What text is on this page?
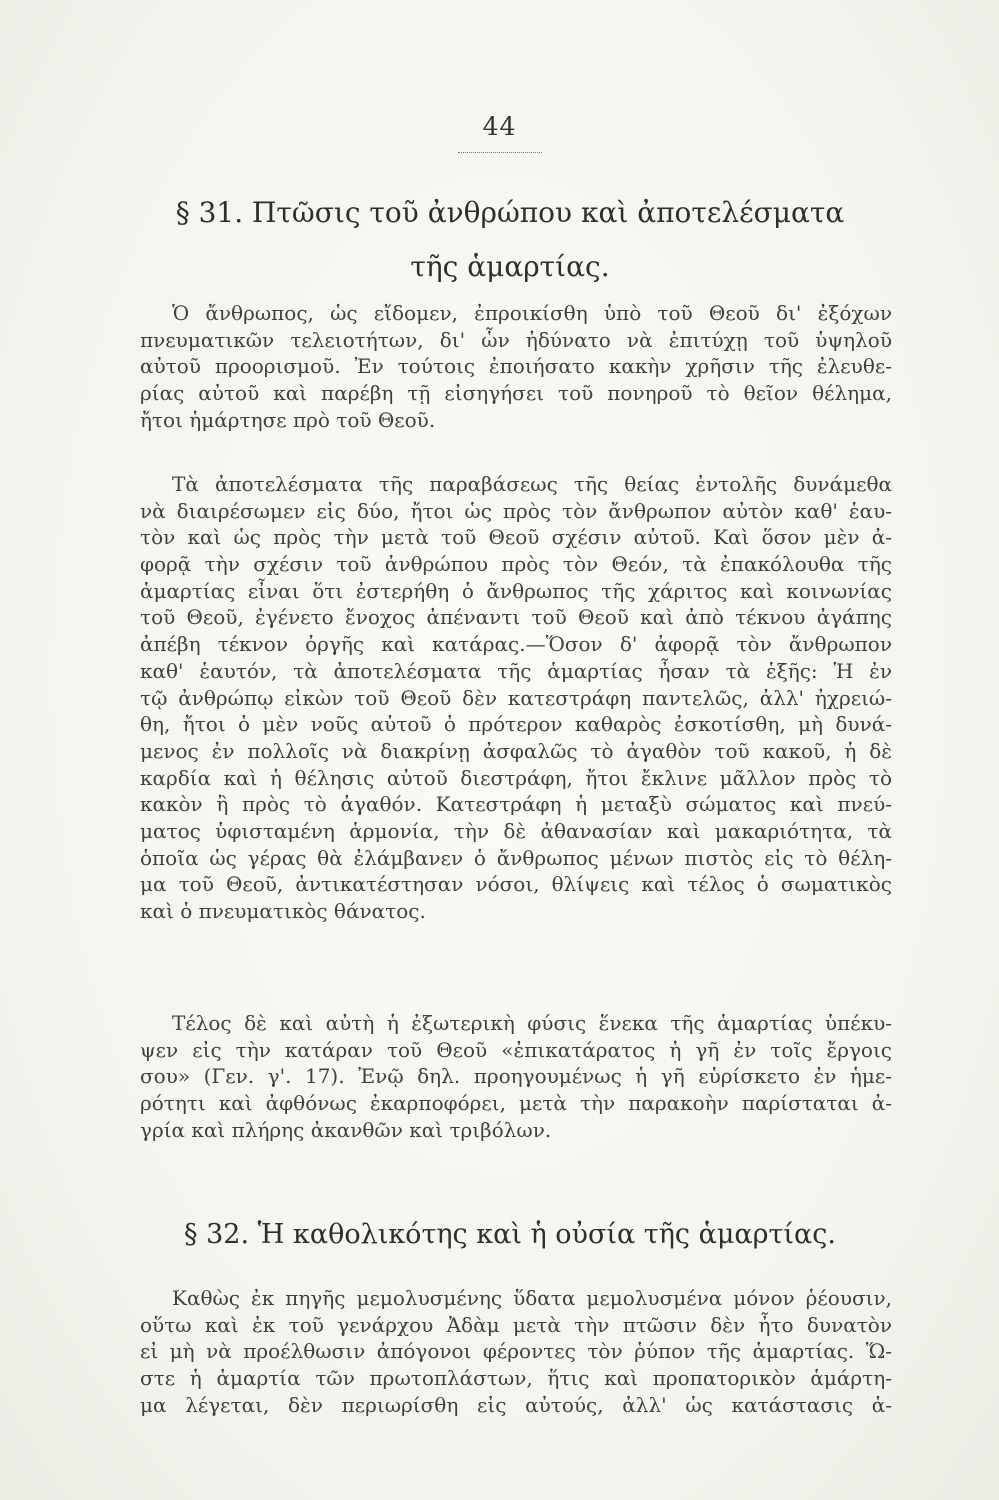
44
§ 31. Πτῶσις τοῦ ἀνθρώπου καὶ ἀποτελέσματα
τῆς ἁμαρτίας.
Ὁ ἄνθρωπος, ὡς εἴδομεν, ἐπροικίσθη ὑπὸ τοῦ Θεοῦ δι' ἐξόχων
πνευματικῶν τελειοτήτων, δι' ὧν ἠδύνατο νὰ ἐπιτύχῃ τοῦ ὑψηλοῦ
αὐτοῦ προορισμοῦ. Ἐν τούτοις ἐποιήσατο κακὴν χρῆσιν τῆς ἐλευθε-
ρίας αὐτοῦ καὶ παρέβη τῇ εἰσηγήσει τοῦ πονηροῦ τὸ θεῖον θέλημα,
ἤτοι ἡμάρτησε πρὸ τοῦ Θεοῦ.
Τὰ ἀποτελέσματα τῆς παραβάσεως τῆς θείας ἐντολῆς δυνάμεθα
νὰ διαιρέσωμεν εἰς δύο, ἤτοι ὡς πρὸς τὸν ἄνθρωπον αὐτὸν καθ' ἑαυ-
τὸν καὶ ὡς πρὸς τὴν μετὰ τοῦ Θεοῦ σχέσιν αὐτοῦ. Καὶ ὅσον μὲν ἀ-
φορᾷ τὴν σχέσιν τοῦ ἀνθρώπου πρὸς τὸν Θεόν, τὰ ἐπακόλουθα τῆς
ἁμαρτίας εἶναι ὅτι ἐστερήθη ὁ ἄνθρωπος τῆς χάριτος καὶ κοινωνίας
τοῦ Θεοῦ, ἐγένετο ἔνοχος ἀπέναντι τοῦ Θεοῦ καὶ ἀπὸ τέκνου ἀγάπης
ἀπέβη τέκνον ὀργῆς καὶ κατάρας.—Ὅσον δ' ἀφορᾷ τὸν ἄνθρωπον
καθ' ἑαυτόν, τὰ ἀποτελέσματα τῆς ἁμαρτίας ἦσαν τὰ ἑξῆς: Ἡ ἐν
τῷ ἀνθρώπῳ εἰκὼν τοῦ Θεοῦ δὲν κατεστράφη παντελῶς, ἀλλ' ἠχρειώ-
θη, ἤτοι ὁ μὲν νοῦς αὐτοῦ ὁ πρότερον καθαρὸς ἐσκοτίσθη, μὴ δυνά-
μενος ἐν πολλοῖς νὰ διακρίνῃ ἀσφαλῶς τὸ ἀγαθὸν τοῦ κακοῦ, ἡ δὲ
καρδία καὶ ἡ θέλησις αὐτοῦ διεστράφη, ἤτοι ἔκλινε μᾶλλον πρὸς τὸ
κακὸν ἢ πρὸς τὸ ἀγαθόν. Κατεστράφη ἡ μεταξὺ σώματος καὶ πνεύ-
ματος ὑφισταμένη ἁρμονία, τὴν δὲ ἀθανασίαν καὶ μακαριότητα, τὰ
ὁποῖα ὡς γέρας θὰ ἐλάμβανεν ὁ ἄνθρωπος μένων πιστὸς εἰς τὸ θέλη-
μα τοῦ Θεοῦ, ἀντικατέστησαν νόσοι, θλίψεις καὶ τέλος ὁ σωματικὸς
καὶ ὁ πνευματικὸς θάνατος.
Τέλος δὲ καὶ αὐτὴ ἡ ἐξωτερικὴ φύσις ἕνεκα τῆς ἁμαρτίας ὑπέκυ-
ψεν εἰς τὴν κατάραν τοῦ Θεοῦ «ἐπικατάρατος ἡ γῆ ἐν τοῖς ἔργοις
σου» (Γεν. γ'. 17). Ἐνῷ δηλ. προηγουμένως ἡ γῆ εὑρίσκετο ἐν ἡμε-
ρότητι καὶ ἀφθόνως ἐκαρποφόρει, μετὰ τὴν παρακοὴν παρίσταται ἀ-
γρία καὶ πλήρης ἀκανθῶν καὶ τριβόλων.
§ 32. Ἡ καθολικότης καὶ ἡ οὐσία τῆς ἁμαρτίας.
Καθὼς ἐκ πηγῆς μεμολυσμένης ὕδατα μεμολυσμένα μόνον ῥέουσιν,
οὕτω καὶ ἐκ τοῦ γενάρχου Ἀδὰμ μετὰ τὴν πτῶσιν δὲν ἦτο δυνατὸν
εἰ μὴ νὰ προέλθωσιν ἀπόγονοι φέροντες τὸν ῥύπον τῆς ἁμαρτίας. Ὥ-
στε ἡ ἁμαρτία τῶν πρωτοπλάστων, ἥτις καὶ προπατορικὸν ἁμάρτη-
μα λέγεται, δὲν περιωρίσθη εἰς αὐτούς, ἀλλ' ὡς κατάστασις ἁ-
